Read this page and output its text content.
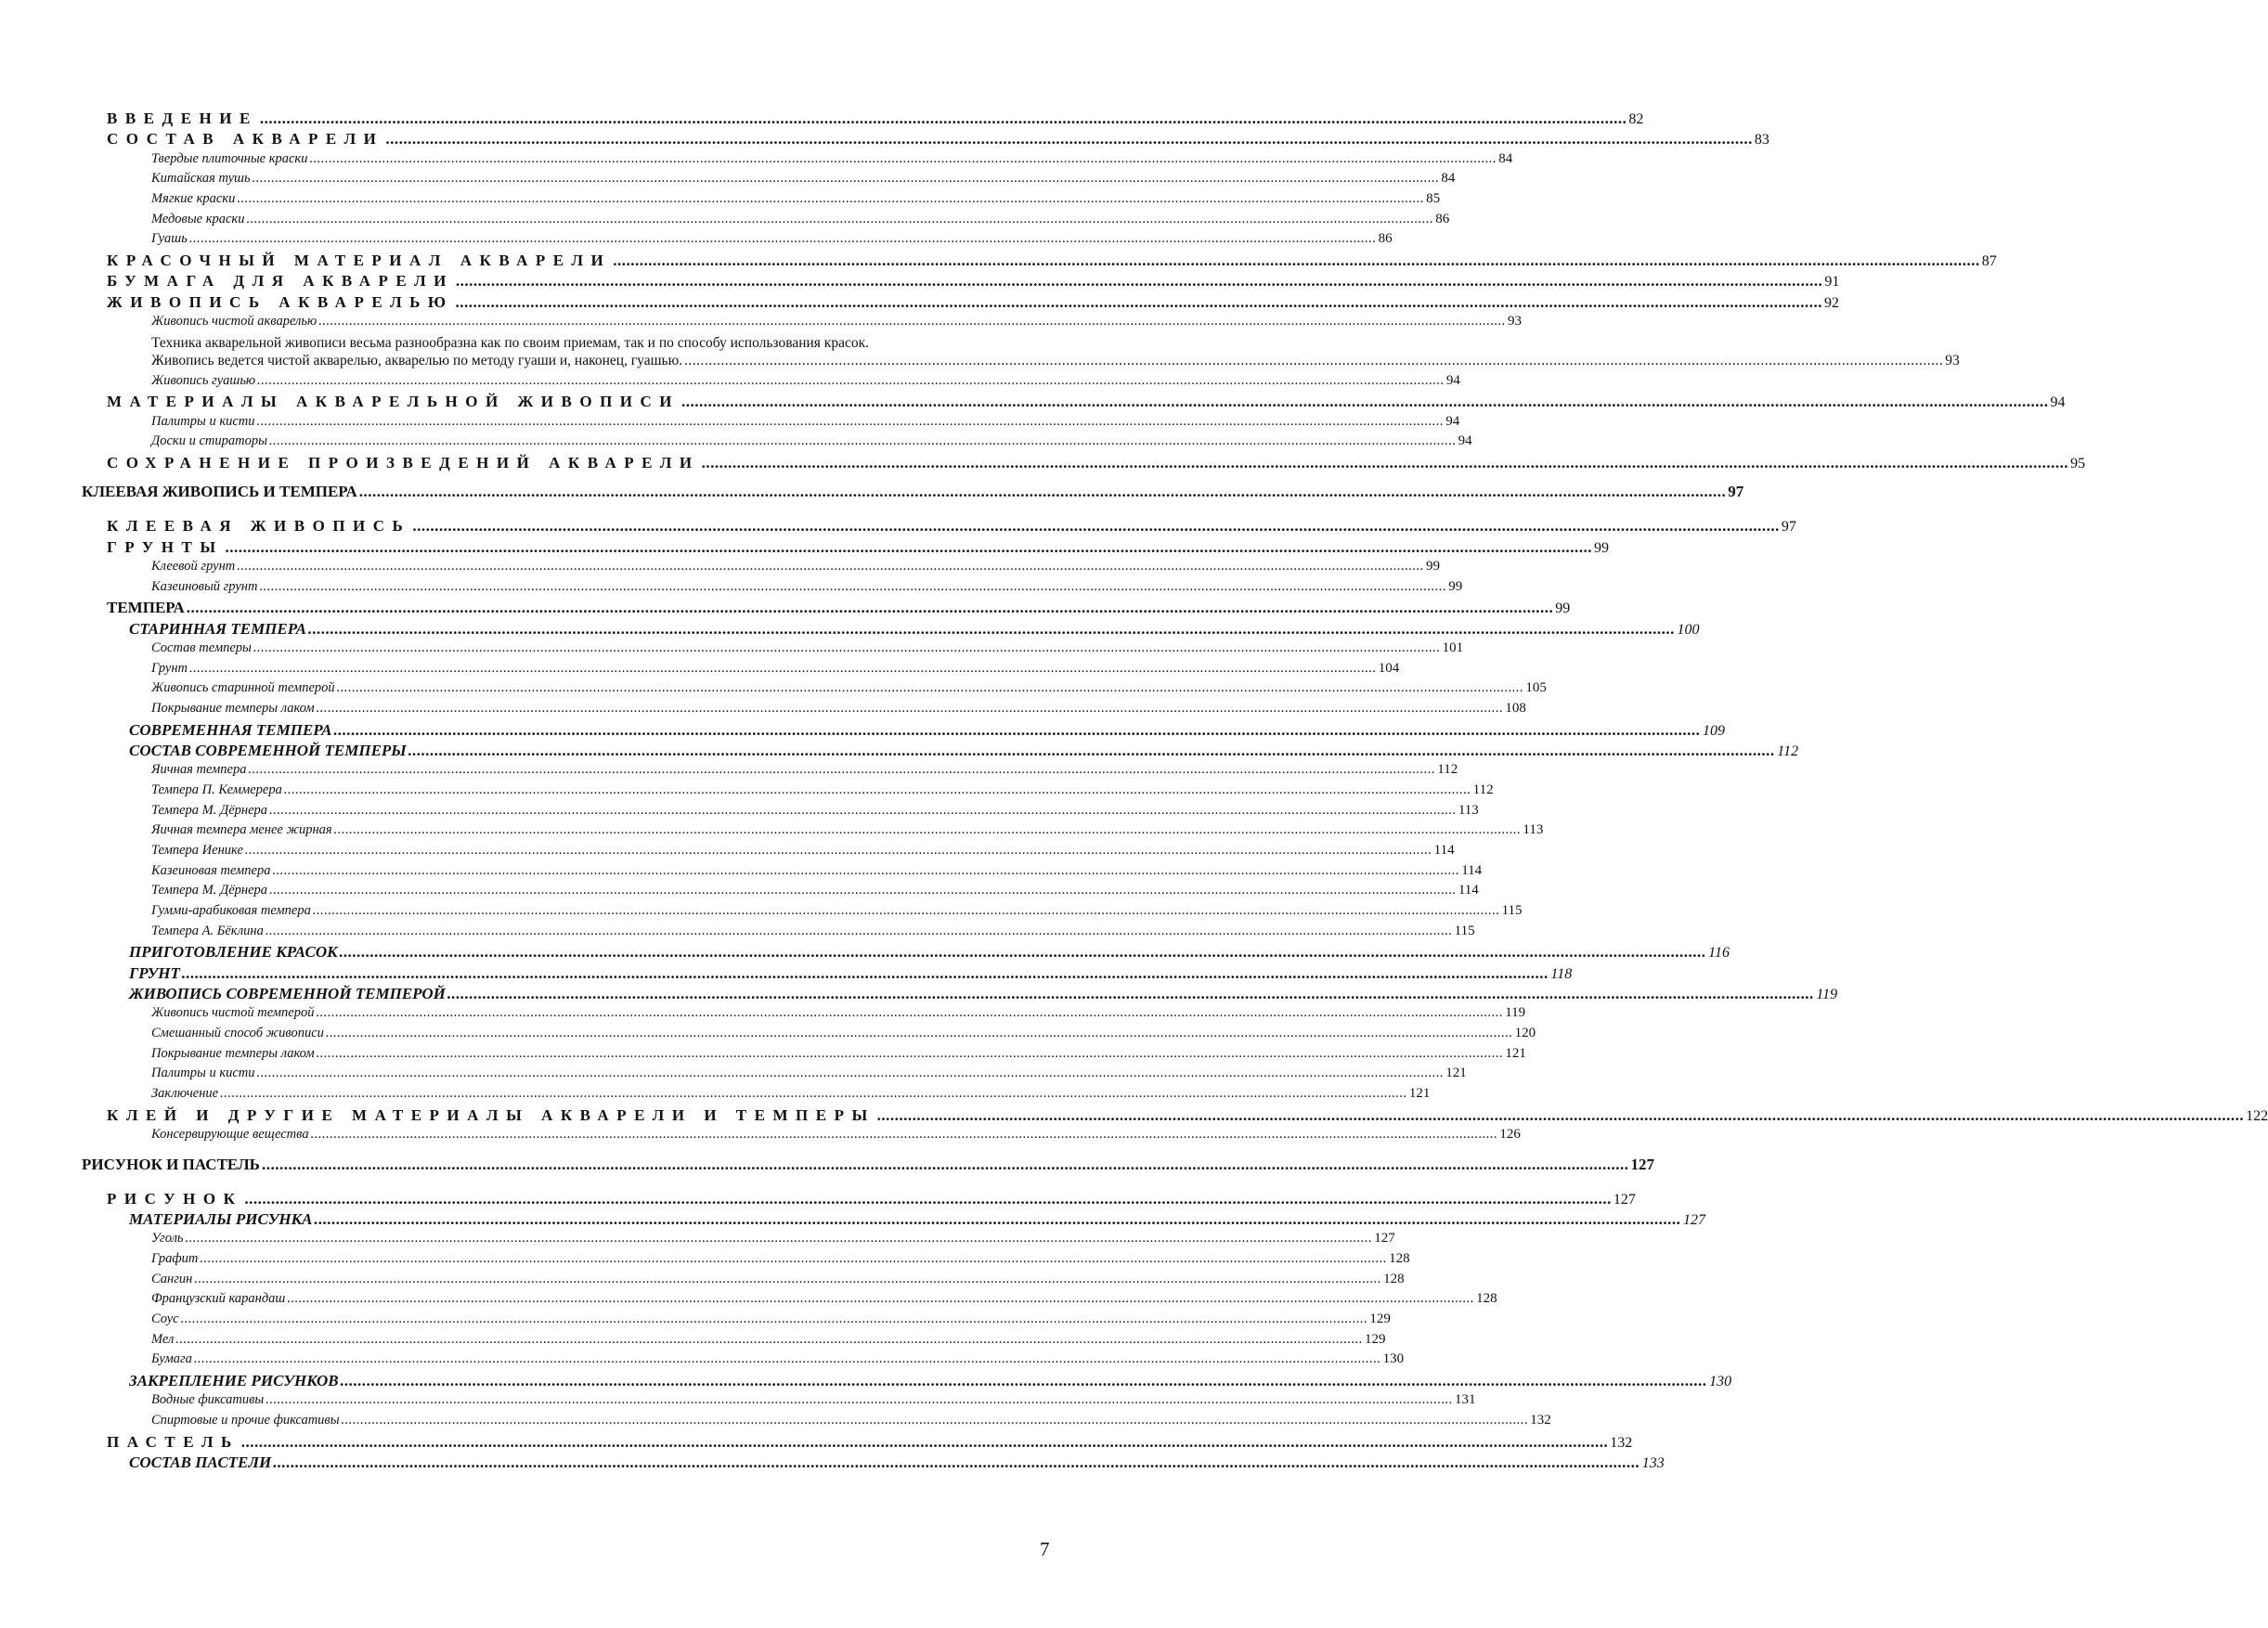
ВВЕДЕНИЕ .....	82
СОСТАВ АКВАРЕЛИ .....	83
Твердые плиточные краски .....	84
Китайская тушь .....	84
Мягкие краски .....	85
Медовые краски .....	86
Гуашь .....	86
КРАСОЧНЫЙ МАТЕРИАЛ АКВАРЕЛИ .....	87
БУМАГА ДЛЯ АКВАРЕЛИ .....	91
ЖИВОПИСЬ АКВАРЕЛЬЮ .....	92
Живопись чистой акварелью .....	93
Техника акварельной живописи весьма разнообразна как по своим приемам, так и по способу использования красок.
Живопись ведется чистой акварелью, акварелью по методу гуаши и, наконец, гуашью. .....	93
Живопись гуашью .....	94
МАТЕРИАЛЫ АКВАРЕЛЬНОЙ ЖИВОПИСИ .....	94
Палитры и кисти .....	94
Доски и стираторы .....	94
СОХРАНЕНИЕ ПРОИЗВЕДЕНИЙ АКВАРЕЛИ .....	95
КЛЕЕВАЯ ЖИВОПИСЬ И ТЕМПЕРА .....	97
КЛЕЕВАЯ ЖИВОПИСЬ .....	97
ГРУНТЫ .....	99
Клеевой грунт .....	99
Казеиновый грунт .....	99
ТЕМПЕРА .....	99
СТАРИННАЯ ТЕМПЕРА .....	100
Состав темперы .....	101
Грунт .....	104
Живопись старинной темперой .....	105
Покрывание темперы лаком .....	108
СОВРЕМЕННАЯ ТЕМПЕРА .....	109
СОСТАВ СОВРЕМЕННОЙ ТЕМПЕРЫ .....	112
Яичная темпера .....	112
Темпера П. Кеммерера .....	112
Темпера М. Дёрнера .....	113
Яичная темпера менее жирная .....	113
Темпера Иенике .....	114
Казеиновая темпера .....	114
Темпера М. Дёрнера .....	114
Гумми-арабиковая темпера .....	115
Темпера А. Бёклина .....	115
ПРИГОТОВЛЕНИЕ КРАСОК .....	116
ГРУНТ .....	118
ЖИВОПИСЬ СОВРЕМЕННОЙ ТЕМПЕРОЙ .....	119
Живопись чистой темперой .....	119
Смешанный способ живописи .....	120
Покрывание темперы лаком .....	121
Палитры и кисти .....	121
Заключение .....	121
КЛЕЙ И ДРУГИЕ МАТЕРИАЛЫ АКВАРЕЛИ И ТЕМПЕРЫ .....	122
Консервирующие вещества .....	126
РИСУНОК И ПАСТЕЛЬ .....	127
РИСУНОК .....	127
МАТЕРИАЛЫ РИСУНКА .....	127
Уголь .....	127
Графит .....	128
Сангин .....	128
Французский карандаш .....	128
Соус .....	129
Мел .....	129
Бумага .....	130
ЗАКРЕПЛЕНИЕ РИСУНКОВ .....	130
Водные фиксативы .....	131
Спиртовые и прочие фиксативы .....	132
ПАСТЕЛЬ .....	132
СОСТАВ ПАСТЕЛИ .....	133
7
